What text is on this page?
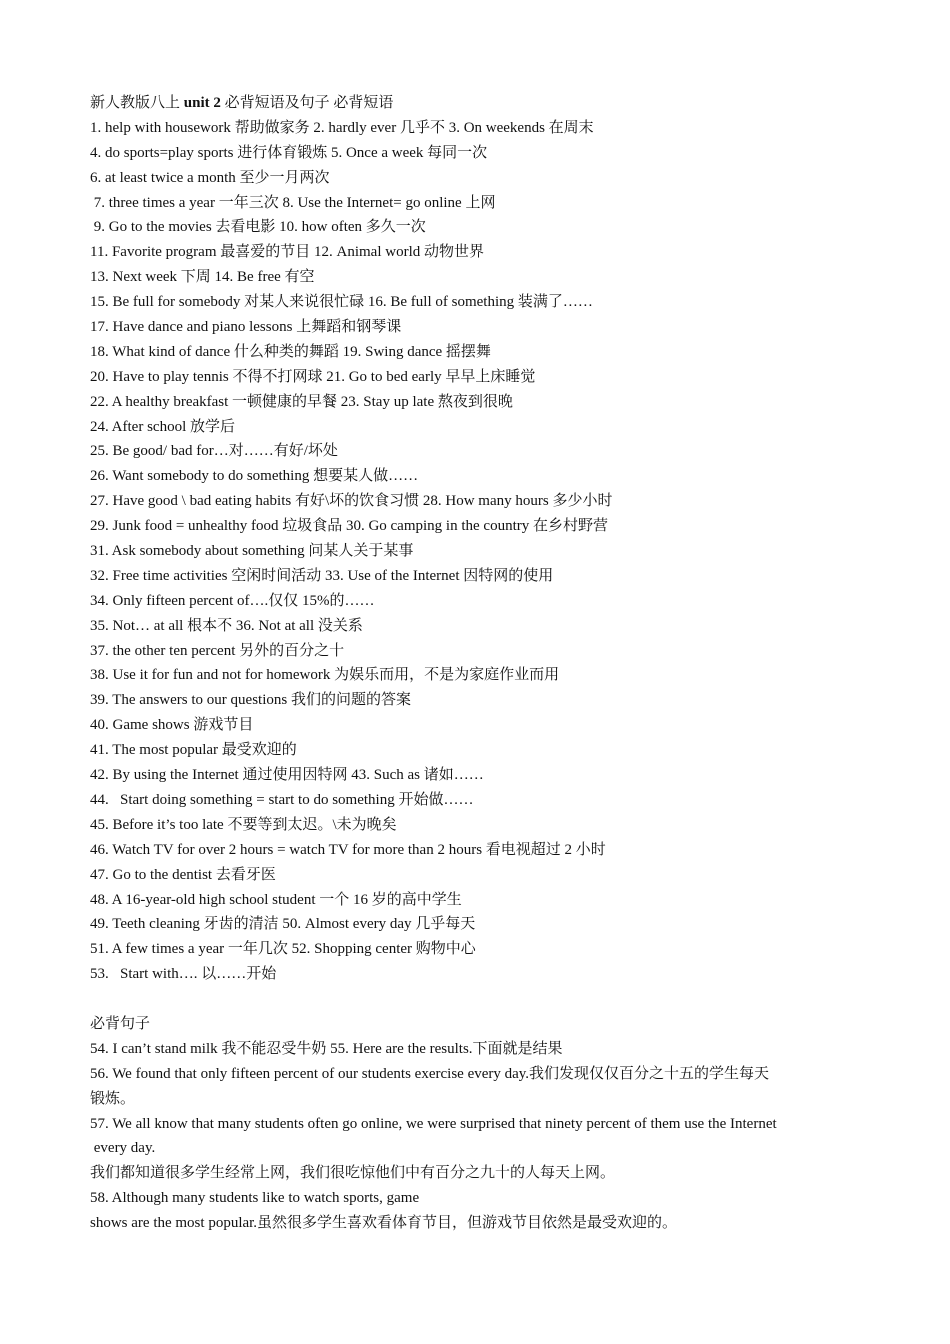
新人教版八上 unit 2 必背短语及句子 必背短语
1. help with housework 帮助做家务 2. hardly ever 几乎不 3. On weekends 在周末
4. do sports=play sports 进行体育锻炼 5. Once a week 每同一次
6. at least twice a month 至少一月两次
7. three times a year 一年三次 8. Use the Internet= go online 上网
9. Go to the movies 去看电影 10. how often 多久一次
11. Favorite program 最喜爱的节目 12. Animal world 动物世界
13. Next week 下周 14. Be free 有空
15. Be full for somebody 对某人来说很忙碌 16. Be full of something 装满了……
17. Have dance and piano lessons 上舞蹈和钢琴课
18. What kind of dance 什么种类的舞蹈 19. Swing dance 摇摆舞
20. Have to play tennis 不得不打网球 21. Go to bed early 早早上床睡觉
22. A healthy breakfast 一顿健康的早餐 23. Stay up late 熬夜到很晚
24. After school 放学后
25. Be good/ bad for…对……有好/坏处
26. Want somebody to do something 想要某人做……
27. Have good \ bad eating habits 有好\坏的饮食习惯 28. How many hours 多少小时
29. Junk food = unhealthy food 垃圾食品 30. Go camping in the country 在乡村野营
31. Ask somebody about something 问某人关于某事
32. Free time activities 空闲时间活动 33. Use of the Internet 因特网的使用
34. Only fifteen percent of….仅仅 15%的……
35. Not… at all 根本不 36. Not at all 没关系
37. the other ten percent 另外的百分之十
38. Use it for fun and not for homework 为娱乐而用，不是为家庭作业而用
39. The answers to our questions 我们的问题的答案
40. Game shows 游戏节目
41. The most popular 最受欢迎的
42. By using the Internet 通过使用因特网 43. Such as 诸如……
44.   Start doing something = start to do something 开始做……
45. Before it’s too late 不要等到太迟。\未为晚矣
46. Watch TV for over 2 hours = watch TV for more than 2 hours 看电视超过 2 小时
47. Go to the dentist 去看牙医
48. A 16-year-old high school student 一个 16 岁的高中学生
49. Teeth cleaning 牙齿的清洁 50. Almost every day 几乎每天
51. A few times a year 一年几次 52. Shopping center 购物中心
53.   Start with…. 以……开始
必背句子
54. I can’t stand milk 我不能忍受牛奶 55. Here are the results.下面就是结果
56. We found that only fifteen percent of our students exercise every day.我们发现仅仅百分之十五的学生每天
锻炼。
57. We all know that many students often go online, we were surprised that ninety percent of them use the Internet
every day.
我们都知道很多学生经常上网，我们很吃惊他们中有百分之九十的人每天上网。
58. Although many students like to watch sports, game
shows are the most popular.虽然很多学生喜欢看体育节目，但游戏节目依然是最受欢迎的。
